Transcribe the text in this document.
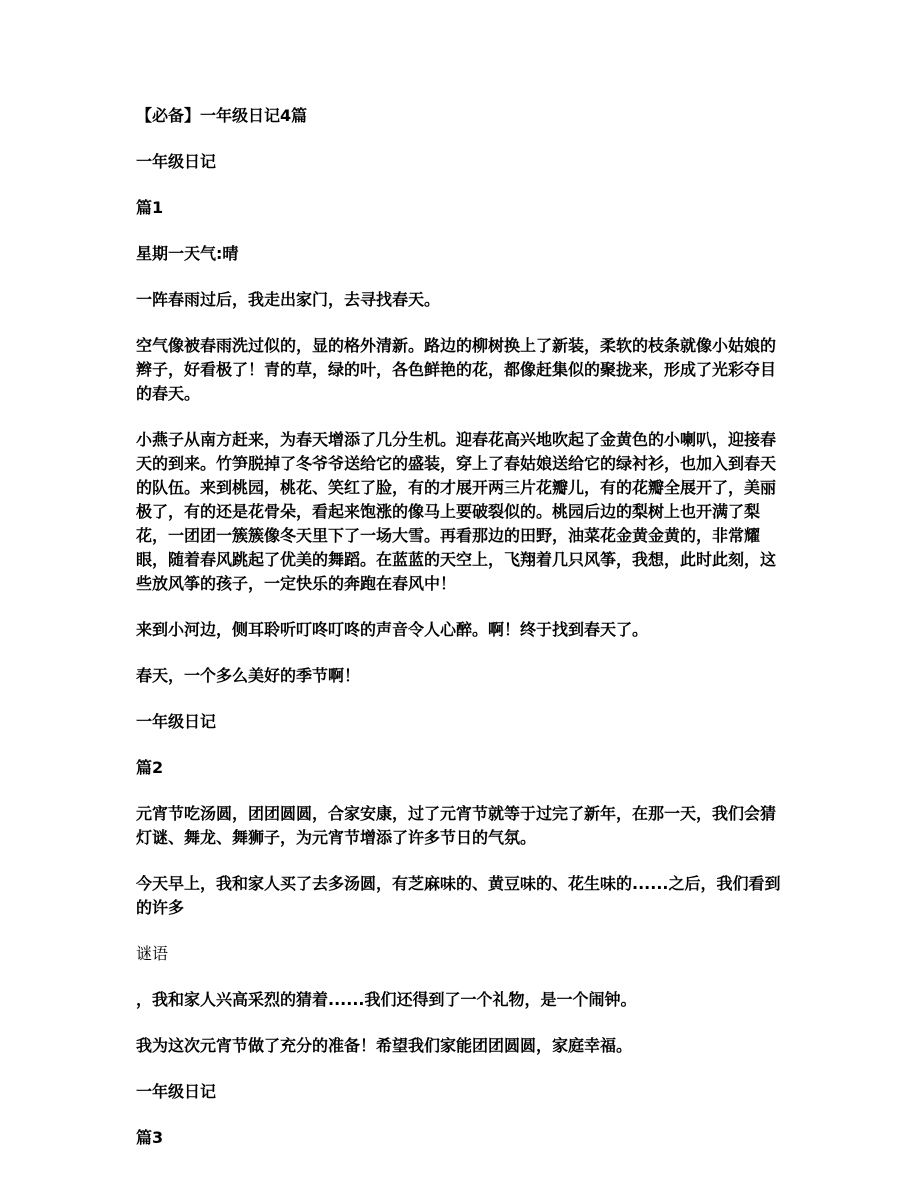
【必备】一年级日记4篇

一年级日记

篇1

星期一天气:晴

一阵春雨过后，我走出家门，去寻找春天。

空气像被春雨洗过似的，显的格外清新。路边的柳树换上了新装，柔软的枝条就像小姑娘的辫子，好看极了！青的草，绿的叶，各色鲜艳的花，都像赶集似的聚拢来，形成了光彩夺目的春天。

小燕子从南方赶来，为春天增添了几分生机。迎春花高兴地吹起了金黄色的小喇叭，迎接春天的到来。竹笋脱掉了冬爷爷送给它的盛装，穿上了春姑娘送给它的绿衬衫，也加入到春天的队伍。来到桃园，桃花、笑红了脸，有的才展开两三片花瓣儿，有的花瓣全展开了，美丽极了，有的还是花骨朵，看起来饱涨的像马上要破裂似的。桃园后边的梨树上也开满了梨花，一团团一簇簇像冬天里下了一场大雪。再看那边的田野，油菜花金黄金黄的，非常耀眼，随着春风跳起了优美的舞蹈。在蓝蓝的天空上，飞翔着几只风筝，我想，此时此刻，这些放风筝的孩子，一定快乐的奔跑在春风中！

来到小河边，侧耳聆听叮咚叮咚的声音令人心醉。啊！终于找到春天了。

春天，一个多么美好的季节啊！

一年级日记

篇2

元宵节吃汤圆，团团圆圆，合家安康，过了元宵节就等于过完了新年，在那一天，我们会猜灯谜、舞龙、舞狮子，为元宵节增添了许多节日的气氛。

今天早上，我和家人买了去多汤圆，有芝麻味的、黄豆味的、花生味的......之后，我们看到的许多

谜语

，我和家人兴高采烈的猜着......我们还得到了一个礼物，是一个闹钟。

我为这次元宵节做了充分的准备！希望我们家能团团圆圆，家庭幸福。

一年级日记

篇3
